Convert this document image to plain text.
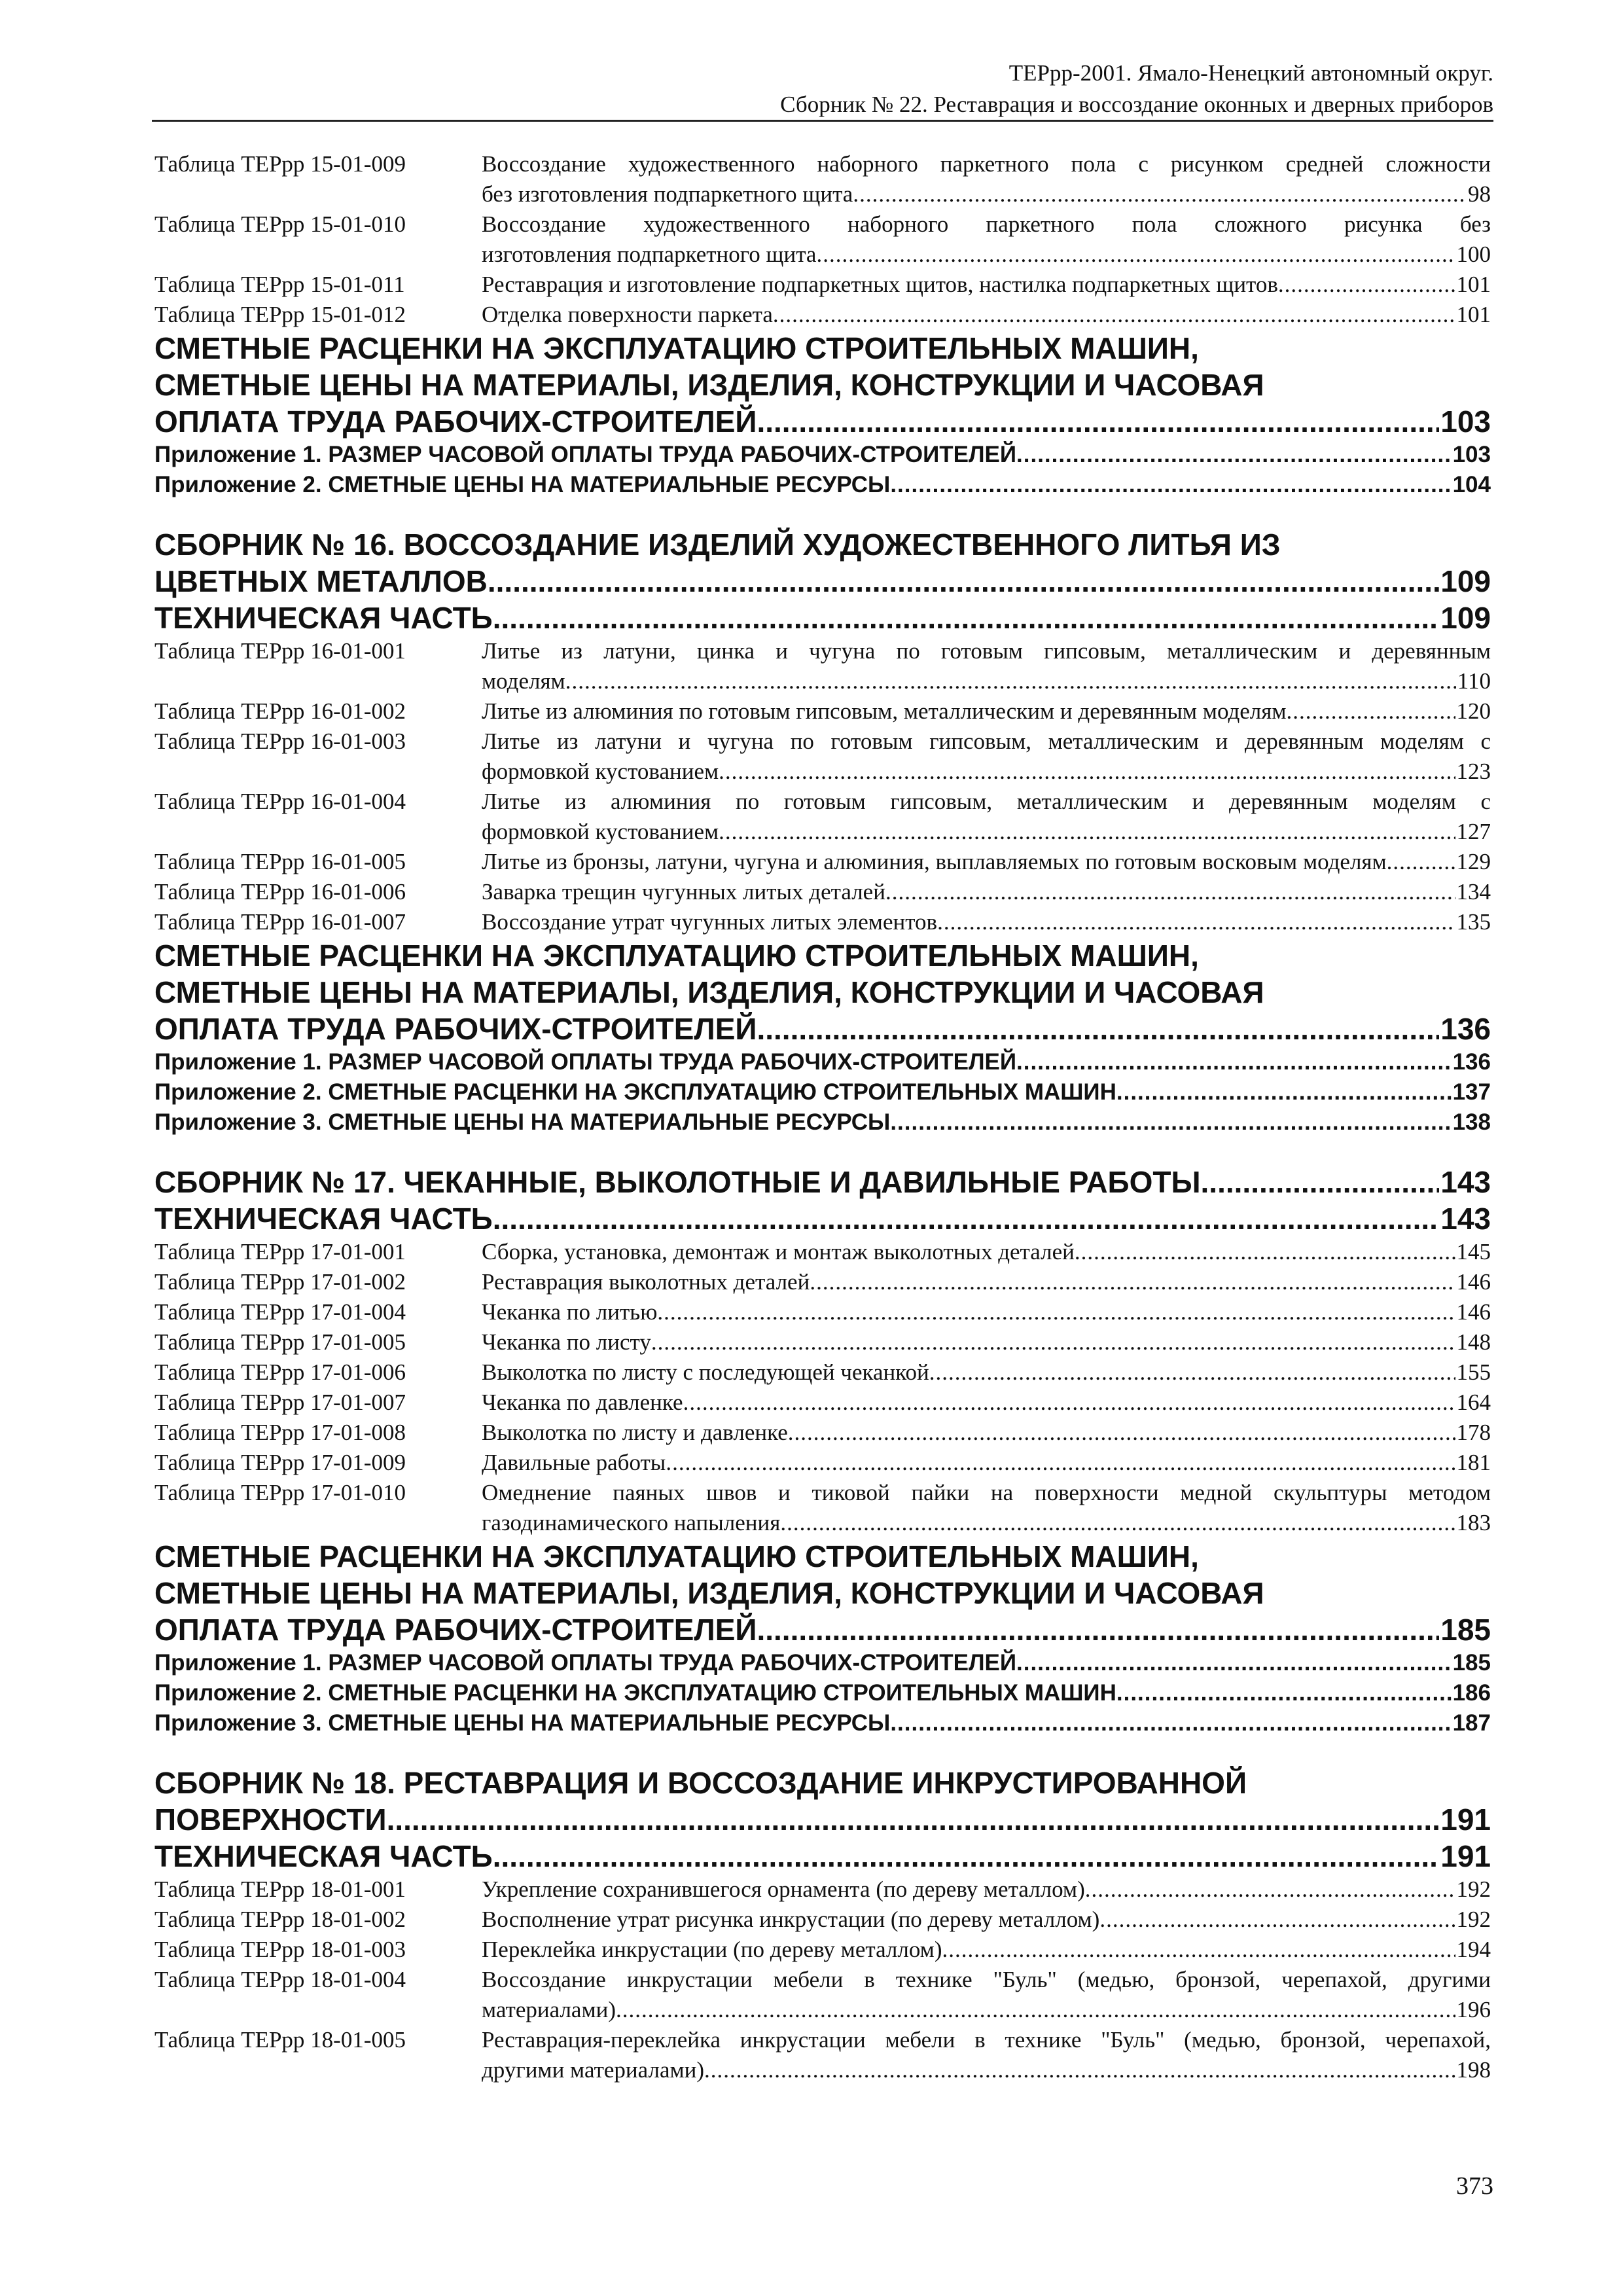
ТЕРрр-2001. Ямало-Ненецкий автономный округ.
Сборник № 22. Реставрация и воссоздание оконных и дверных приборов
Таблица ТЕРрр 15-01-009	Воссоздание художественного наборного паркетного пола с рисунком средней сложности
без изготовления подпаркетного щита .....	98
Таблица ТЕРрр 15-01-010	Воссоздание художественного наборного паркетного пола сложного рисунка без
изготовления подпаркетного щита .....	100
Таблица ТЕРрр 15-01-011	Реставрация и изготовление подпаркетных щитов, настилка подпаркетных щитов .....	101
Таблица ТЕРрр 15-01-012	Отделка поверхности паркета .....	101
СМЕТНЫЕ РАСЦЕНКИ НА ЭКСПЛУАТАЦИЮ СТРОИТЕЛЬНЫХ МАШИН,
СМЕТНЫЕ ЦЕНЫ НА МАТЕРИАЛЫ, ИЗДЕЛИЯ, КОНСТРУКЦИИ И ЧАСОВАЯ
ОПЛАТА ТРУДА РАБОЧИХ-СТРОИТЕЛЕЙ .....	103
Приложение 1. РАЗМЕР ЧАСОВОЙ ОПЛАТЫ ТРУДА РАБОЧИХ-СТРОИТЕЛЕЙ .....	103
Приложение 2. СМЕТНЫЕ ЦЕНЫ НА МАТЕРИАЛЬНЫЕ РЕСУРСЫ .....	104
СБОРНИК № 16. ВОССОЗДАНИЕ ИЗДЕЛИЙ ХУДОЖЕСТВЕННОГО ЛИТЬЯ ИЗ
ЦВЕТНЫХ МЕТАЛЛОВ .....	109
ТЕХНИЧЕСКАЯ ЧАСТЬ .....	109
Таблица ТЕРрр 16-01-001	Литье из латуни, цинка и чугуна по готовым гипсовым, металлическим и деревянным
моделям .....	110
Таблица ТЕРрр 16-01-002	Литье из алюминия по готовым гипсовым, металлическим и деревянным моделям .....	120
Таблица ТЕРрр 16-01-003	Литье из латуни и чугуна по готовым гипсовым, металлическим и деревянным моделям с
формовкой кустованием .....	123
Таблица ТЕРрр 16-01-004	Литье из алюминия по готовым гипсовым, металлическим и деревянным моделям с
формовкой кустованием .....	127
Таблица ТЕРрр 16-01-005	Литье из бронзы, латуни, чугуна и алюминия, выплавляемых по готовым восковым моделям .....	129
Таблица ТЕРрр 16-01-006	Заварка трещин чугунных литых деталей .....	134
Таблица ТЕРрр 16-01-007	Воссоздание утрат чугунных литых элементов .....	135
СМЕТНЫЕ РАСЦЕНКИ НА ЭКСПЛУАТАЦИЮ СТРОИТЕЛЬНЫХ МАШИН,
СМЕТНЫЕ ЦЕНЫ НА МАТЕРИАЛЫ, ИЗДЕЛИЯ, КОНСТРУКЦИИ И ЧАСОВАЯ
ОПЛАТА ТРУДА РАБОЧИХ-СТРОИТЕЛЕЙ .....	136
Приложение 1. РАЗМЕР ЧАСОВОЙ ОПЛАТЫ ТРУДА РАБОЧИХ-СТРОИТЕЛЕЙ .....	136
Приложение 2. СМЕТНЫЕ РАСЦЕНКИ НА ЭКСПЛУАТАЦИЮ СТРОИТЕЛЬНЫХ МАШИН .....	137
Приложение 3. СМЕТНЫЕ ЦЕНЫ НА МАТЕРИАЛЬНЫЕ РЕСУРСЫ .....	138
СБОРНИК № 17. ЧЕКАННЫЕ, ВЫКОЛОТНЫЕ И ДАВИЛЬНЫЕ РАБОТЫ .....	143
ТЕХНИЧЕСКАЯ ЧАСТЬ .....	143
Таблица ТЕРрр 17-01-001	Сборка, установка, демонтаж и монтаж выколотных деталей .....	145
Таблица ТЕРрр 17-01-002	Реставрация выколотных деталей .....	146
Таблица ТЕРрр 17-01-004	Чеканка по литью .....	146
Таблица ТЕРрр 17-01-005	Чеканка по листу .....	148
Таблица ТЕРрр 17-01-006	Выколотка по листу с последующей чеканкой .....	155
Таблица ТЕРрр 17-01-007	Чеканка по давленке .....	164
Таблица ТЕРрр 17-01-008	Выколотка по листу и давленке .....	178
Таблица ТЕРрр 17-01-009	Давильные работы .....	181
Таблица ТЕРрр 17-01-010	Омеднение паяных швов и тиковой пайки на поверхности медной скульптуры методом
газодинамического напыления .....	183
СМЕТНЫЕ РАСЦЕНКИ НА ЭКСПЛУАТАЦИЮ СТРОИТЕЛЬНЫХ МАШИН,
СМЕТНЫЕ ЦЕНЫ НА МАТЕРИАЛЫ, ИЗДЕЛИЯ, КОНСТРУКЦИИ И ЧАСОВАЯ
ОПЛАТА ТРУДА РАБОЧИХ-СТРОИТЕЛЕЙ .....	185
Приложение 1. РАЗМЕР ЧАСОВОЙ ОПЛАТЫ ТРУДА РАБОЧИХ-СТРОИТЕЛЕЙ .....	185
Приложение 2. СМЕТНЫЕ РАСЦЕНКИ НА ЭКСПЛУАТАЦИЮ СТРОИТЕЛЬНЫХ МАШИН .....	186
Приложение 3. СМЕТНЫЕ ЦЕНЫ НА МАТЕРИАЛЬНЫЕ РЕСУРСЫ .....	187
СБОРНИК № 18. РЕСТАВРАЦИЯ И ВОССОЗДАНИЕ ИНКРУСТИРОВАННОЙ
ПОВЕРХНОСТИ .....	191
ТЕХНИЧЕСКАЯ ЧАСТЬ .....	191
Таблица ТЕРрр 18-01-001	Укрепление сохранившегося орнамента (по дереву металлом) .....	192
Таблица ТЕРрр 18-01-002	Восполнение утрат рисунка инкрустации (по дереву металлом) .....	192
Таблица ТЕРрр 18-01-003	Переклейка инкрустации (по дереву металлом) .....	194
Таблица ТЕРрр 18-01-004	Воссоздание инкрустации мебели в технике "Буль" (медью, бронзой, черепахой, другими
материалами) .....	196
Таблица ТЕРрр 18-01-005	Реставрация-переклейка инкрустации мебели в технике "Буль" (медью, бронзой, черепахой,
другими материалами) .....	198
373
